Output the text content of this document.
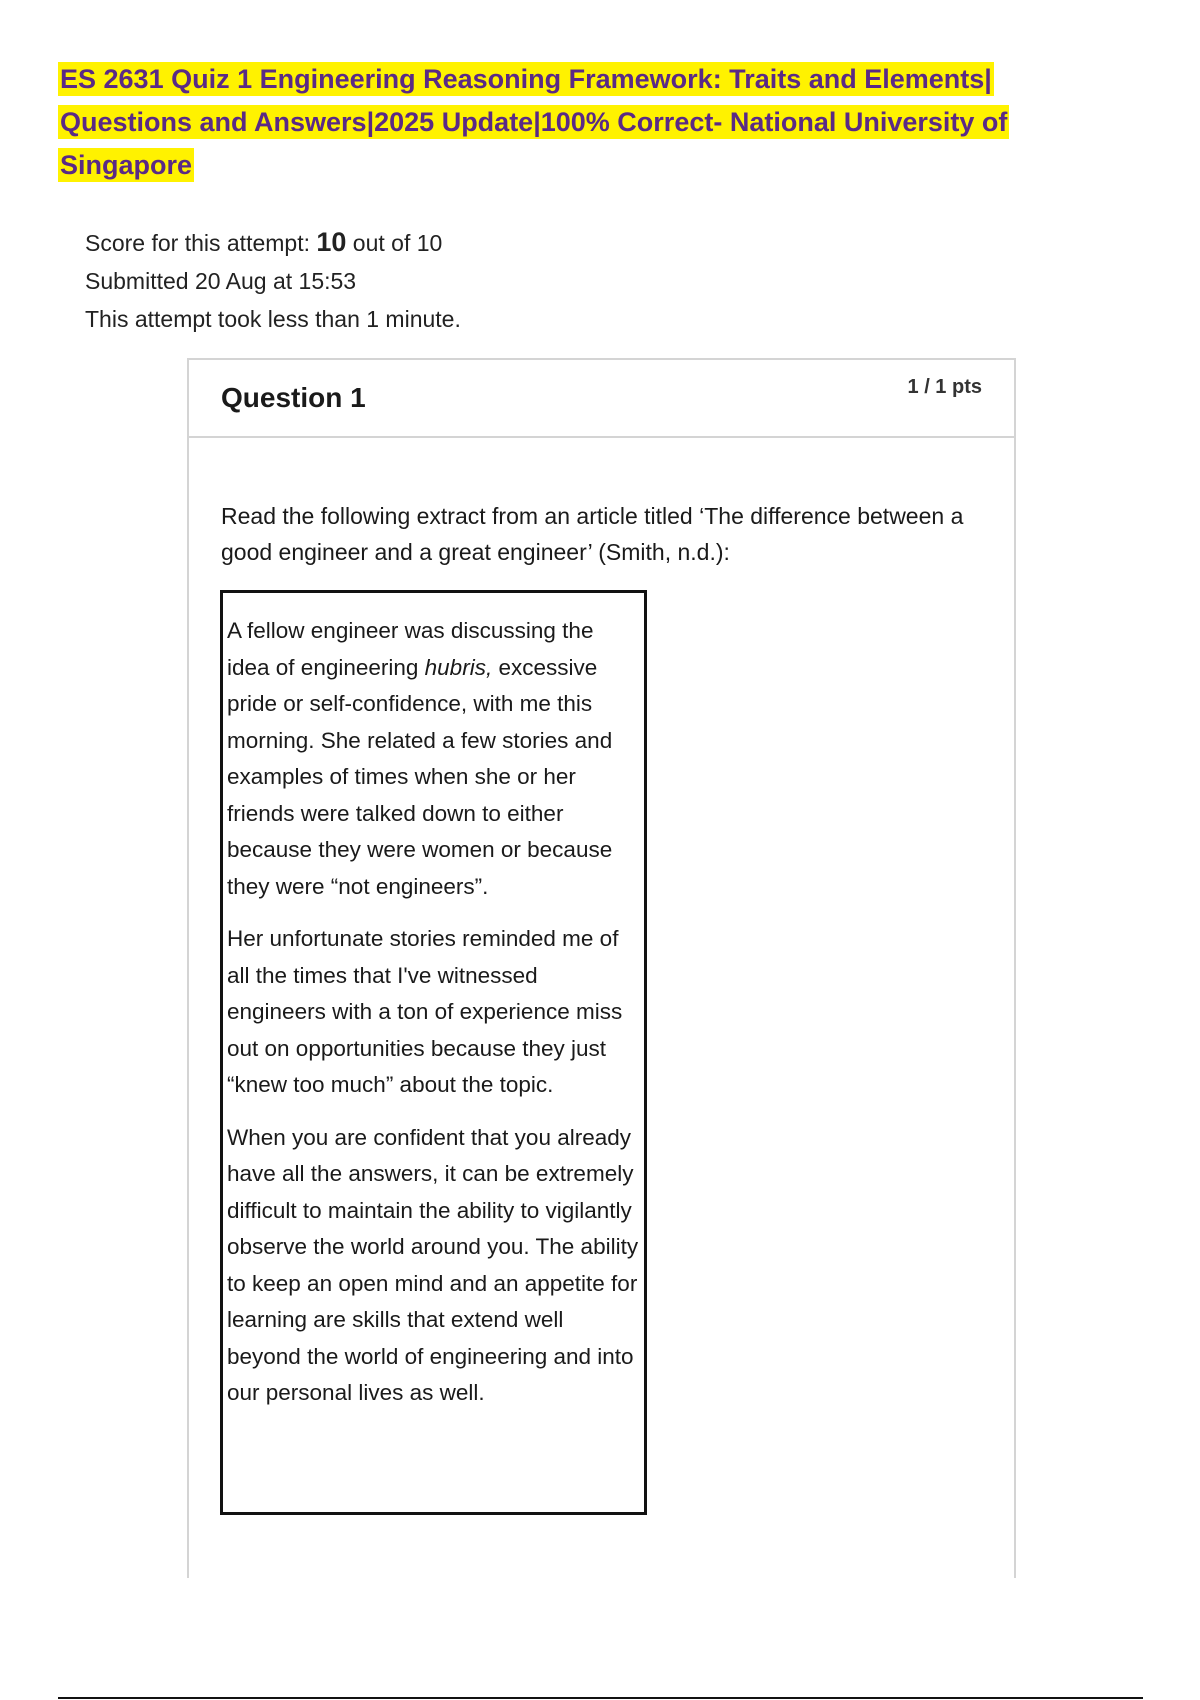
ES 2631 Quiz 1 Engineering Reasoning Framework: Traits and Elements| Questions and Answers|2025 Update|100% Correct- National University of Singapore
Score for this attempt: 10 out of 10
Submitted 20 Aug at 15:53
This attempt took less than 1 minute.
Question 1	1 / 1 pts
Read the following extract from an article titled ‘The difference between a good engineer and a great engineer’ (Smith, n.d.):

A fellow engineer was discussing the idea of engineering hubris, excessive pride or self-confidence, with me this morning. She related a few stories and examples of times when she or her friends were talked down to either because they were women or because they were “not engineers”.

Her unfortunate stories reminded me of all the times that I've witnessed engineers with a ton of experience miss out on opportunities because they just “knew too much” about the topic.

When you are confident that you already have all the answers, it can be extremely difficult to maintain the ability to vigilantly observe the world around you. The ability to keep an open mind and an appetite for learning are skills that extend well beyond the world of engineering and into our personal lives as well.
